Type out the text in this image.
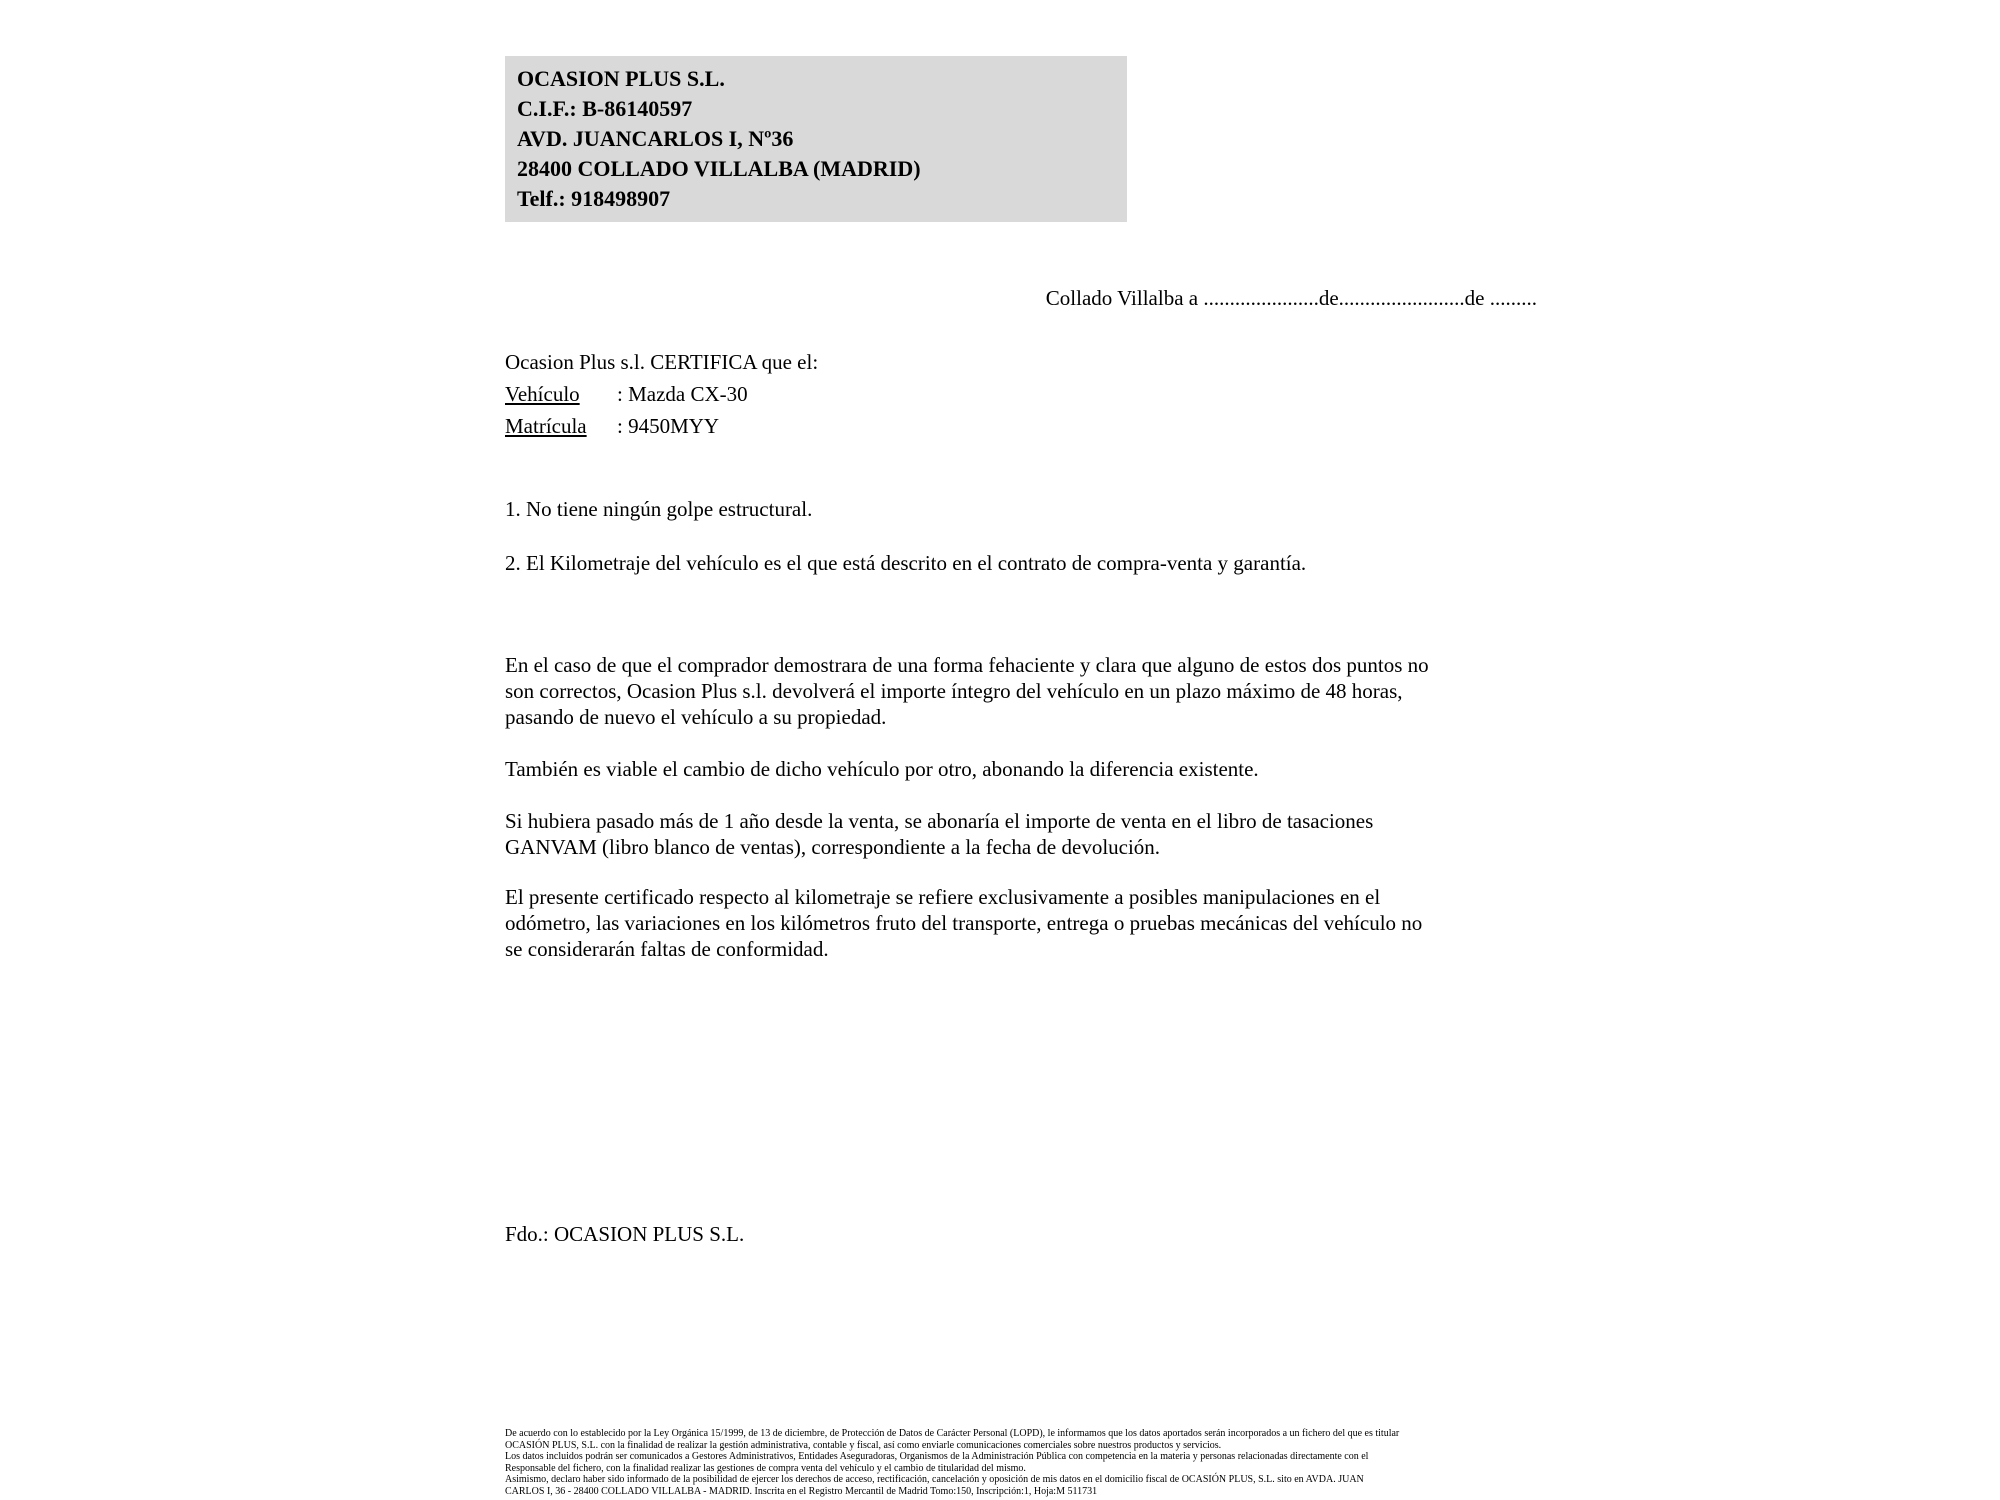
OCASION PLUS S.L.
C.I.F.: B-86140597
AVD. JUANCARLOS I, Nº36
28400 COLLADO VILLALBA (MADRID)
Telf.: 918498907
Collado Villalba a ......................de........................de .........
Ocasion Plus s.l. CERTIFICA que el:
Vehículo : Mazda CX-30
Matrícula : 9450MYY
1. No tiene ningún golpe estructural.
2. El Kilometraje del vehículo es el que está descrito en el contrato de compra-venta y garantía.
En el caso de que el comprador demostrara de una forma fehaciente y clara que alguno de estos dos puntos no
son correctos, Ocasion Plus s.l. devolverá el importe íntegro del vehículo en un plazo máximo de 48 horas,
pasando de nuevo el vehículo a su propiedad.
También es viable el cambio de dicho vehículo por otro, abonando la diferencia existente.
Si hubiera pasado más de 1 año desde la venta, se abonaría el importe de venta en el libro de tasaciones
GANVAM (libro blanco de ventas), correspondiente a la fecha de devolución.
El presente certificado respecto al kilometraje se refiere exclusivamente a posibles manipulaciones en el
odómetro, las variaciones en los kilómetros fruto del transporte, entrega o pruebas mecánicas del vehículo no
se considerarán faltas de conformidad.
Fdo.: OCASION PLUS S.L.
De acuerdo con lo establecido por la Ley Orgánica 15/1999, de 13 de diciembre, de Protección de Datos de Carácter Personal (LOPD), le informamos que los datos aportados serán incorporados a un fichero del que es titular
OCASIÓN PLUS, S.L. con la finalidad de realizar la gestión administrativa, contable y fiscal, así como enviarle comunicaciones comerciales sobre nuestros productos y servicios.
Los datos incluidos podrán ser comunicados a Gestores Administrativos, Entidades Aseguradoras, Organismos de la Administración Pública con competencia en la materia y personas relacionadas directamente con el
Responsable del fichero, con la finalidad realizar las gestiones de compra venta del vehículo y el cambio de titularidad del mismo.
Asimismo, declaro haber sido informado de la posibilidad de ejercer los derechos de acceso, rectificación, cancelación y oposición de mis datos en el domicilio fiscal de OCASIÓN PLUS, S.L. sito en AVDA. JUAN
CARLOS I, 36 - 28400 COLLADO VILLALBA - MADRID. Inscrita en el Registro Mercantil de Madrid Tomo:150, Inscripción:1, Hoja:M 511731
